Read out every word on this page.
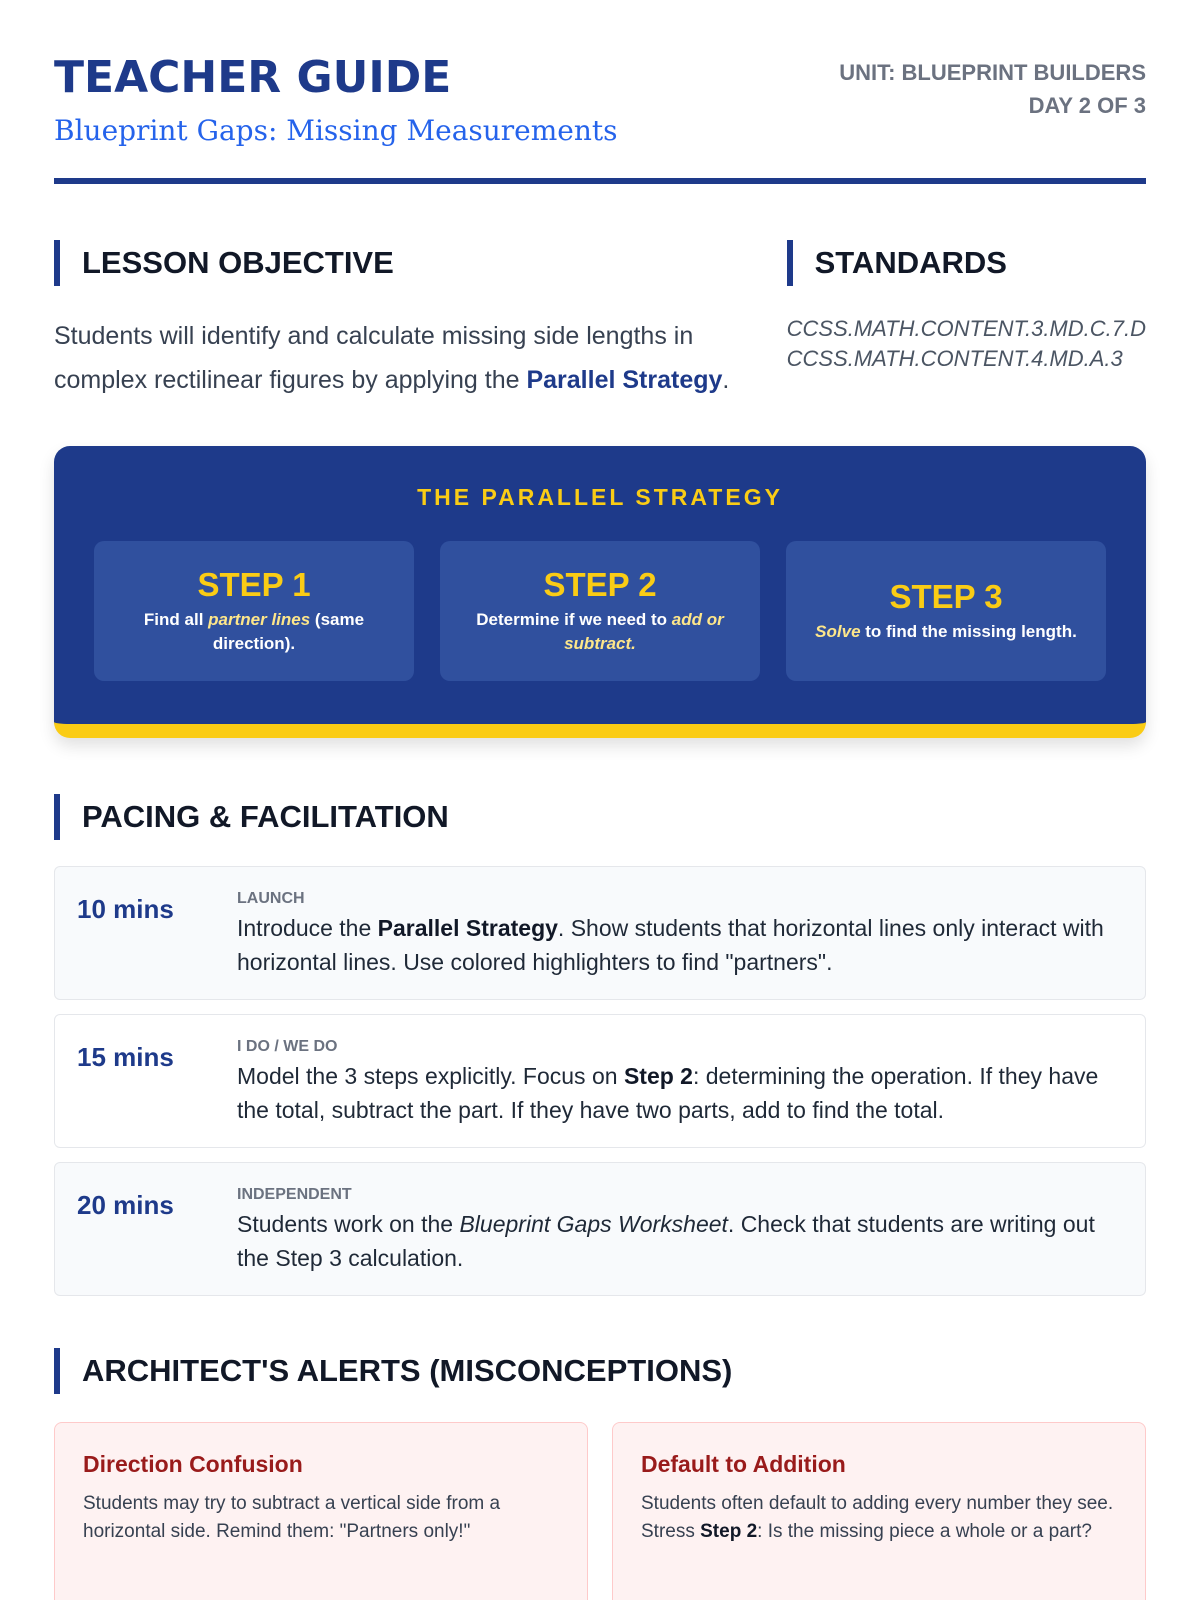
TEACHER GUIDE
Blueprint Gaps: Missing Measurements
UNIT: BLUEPRINT BUILDERS
DAY 2 OF 3
LESSON OBJECTIVE

Students will identify and calculate missing side lengths in complex rectilinear figures by applying the Parallel Strategy.

STANDARDS
CCSS.MATH.CONTENT.3.MD.C.7.D
CCSS.MATH.CONTENT.4.MD.A.3
THE PARALLEL STRATEGY
STEP 1
Find all partner lines (same direction).
STEP 2
Determine if we need to add or subtract.
STEP 3
Solve to find the missing length.
PACING & FACILITATION
10 mins	LAUNCH
Introduce the Parallel Strategy. Show students that horizontal lines only interact with horizontal lines. Use colored highlighters to find "partners".
15 mins	I DO / WE DO
Model the 3 steps explicitly. Focus on Step 2: determining the operation. If they have the total, subtract the part. If they have two parts, add to find the total.
20 mins	INDEPENDENT
Students work on the Blueprint Gaps Worksheet. Check that students are writing out the Step 3 calculation.
ARCHITECT'S ALERTS (MISCONCEPTIONS)
Direction Confusion
Students may try to subtract a vertical side from a horizontal side. Remind them: "Partners only!"
Default to Addition
Students often default to adding every number they see. Stress Step 2: Is the missing piece a whole or a part?
